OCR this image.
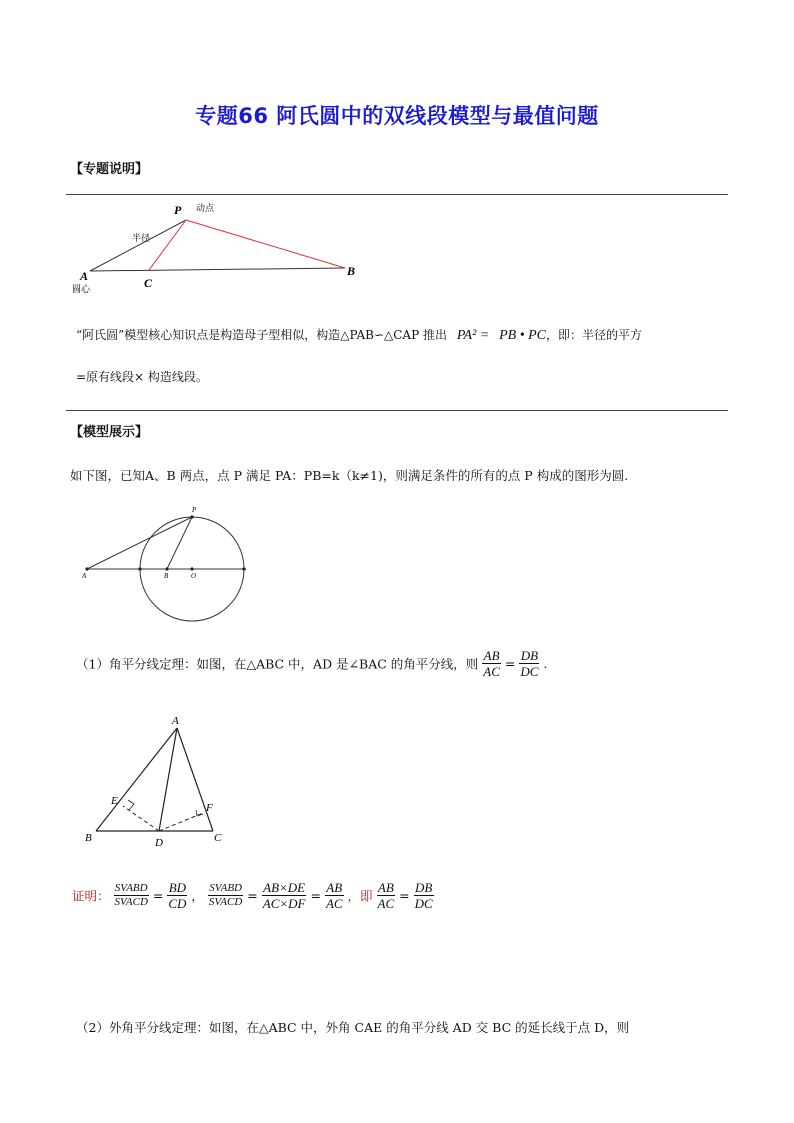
专题66 阿氏圆中的双线段模型与最值问题
【专题说明】
P 动点
半径
A	C
B
圆心
“阿氏圆”模型核心知识点是构造母子型相似，构造△PAB∽△CAP 推出 PA² = PB • PC，即：半径的平方
=原有线段× 构造线段。
【模型展示】
如下图，已知A、B 两点，点 P 满足 PA：PB=k（k≠1)，则满足条件的所有的点 P 构成的图形为圆.
P
A	B	O
（1）角平分线定理：如图，在△ABC 中，AD 是∠BAC 的角平分线，则 $\frac{AB}{AC} = \frac{DB}{DC}$ .
A
B	C
D
E
F
证明： $\frac{\text{SVABD}}{\text{SVACD}} = \frac{BD}{CD}$ ， $\frac{\text{SVABD}}{\text{SVACD}} = \frac{AB\times DE}{AC\times DF} = \frac{AB}{AC}$ ，即 $\frac{AB}{AC} = \frac{DB}{DC}$
（2）外角平分线定理：如图，在△ABC 中，外角 CAE 的角平分线 AD 交 BC 的延长线于点 D，则
